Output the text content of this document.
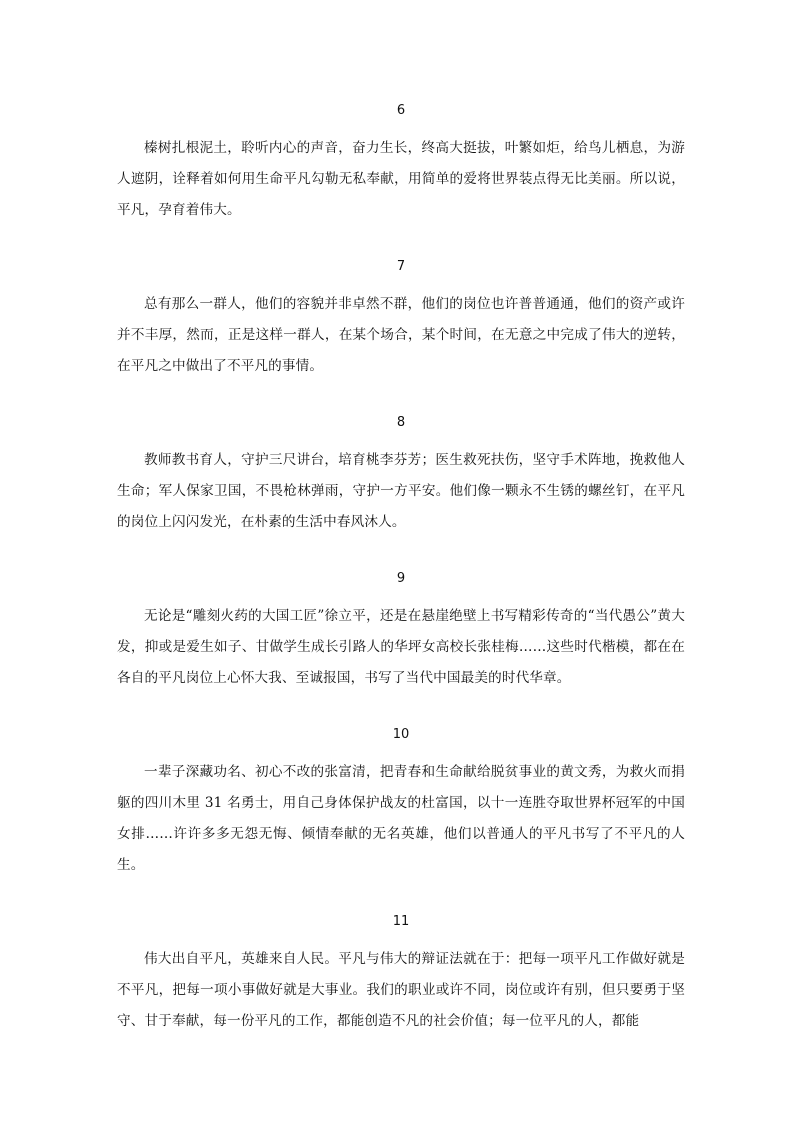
6

榛树扎根泥土，聆听内心的声音，奋力生长，终高大挺拔，叶繁如炬，给鸟儿栖息，为游人遮阴，诠释着如何用生命平凡勾勒无私奉献，用简单的爱将世界装点得无比美丽。所以说，平凡，孕育着伟大。

7

总有那么一群人，他们的容貌并非卓然不群，他们的岗位也许普普通通，他们的资产或许并不丰厚，然而，正是这样一群人，在某个场合，某个时间，在无意之中完成了伟大的逆转，在平凡之中做出了不平凡的事情。

8

教师教书育人，守护三尺讲台，培育桃李芬芳；医生救死扶伤，坚守手术阵地，挽救他人生命；军人保家卫国，不畏枪林弹雨，守护一方平安。他们像一颗永不生锈的螺丝钉，在平凡的岗位上闪闪发光，在朴素的生活中春风沐人。

9

无论是“雕刻火药的大国工匠”徐立平，还是在悬崖绝壁上书写精彩传奇的“当代愚公”黄大发，抑或是爱生如子、甘做学生成长引路人的华坪女高校长张桂梅……这些时代楷模，都在在各自的平凡岗位上心怀大我、至诚报国，书写了当代中国最美的时代华章。

10

一辈子深藏功名、初心不改的张富清，把青春和生命献给脱贫事业的黄文秀，为救火而捐躯的四川木里 31 名勇士，用自己身体保护战友的杜富国，以十一连胜夺取世界杯冠军的中国女排……许许多多无怨无悔、倾情奉献的无名英雄，他们以普通人的平凡书写了不平凡的人生。

11

伟大出自平凡，英雄来自人民。平凡与伟大的辩证法就在于：把每一项平凡工作做好就是不平凡，把每一项小事做好就是大事业。我们的职业或许不同，岗位或许有别，但只要勇于坚守、甘于奉献，每一份平凡的工作，都能创造不凡的社会价值；每一位平凡的人，都能
